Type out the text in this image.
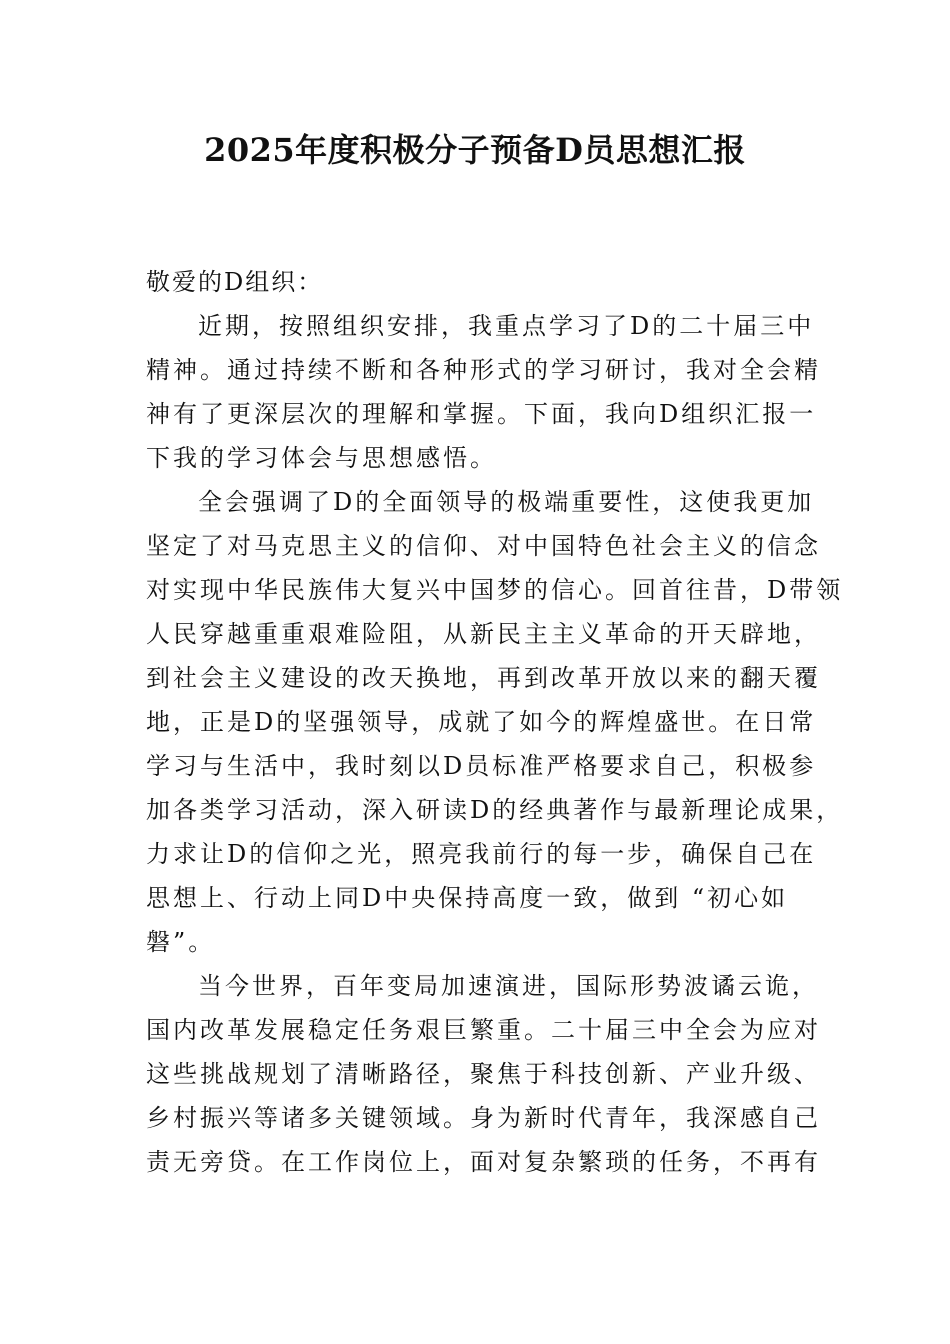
2025年度积极分子预备D员思想汇报
敬爱的D组织：
近期，按照组织安排，我重点学习了D的二十届三中
精神。通过持续不断和各种形式的学习研讨，我对全会精
神有了更深层次的理解和掌握。下面，我向D组织汇报一
下我的学习体会与思想感悟。
全会强调了D的全面领导的极端重要性，这使我更加
坚定了对马克思主义的信仰、对中国特色社会主义的信念
对实现中华民族伟大复兴中国梦的信心。回首往昔，D带领
人民穿越重重艰难险阻，从新民主主义革命的开天辟地，
到社会主义建设的改天换地，再到改革开放以来的翻天覆
地，正是D的坚强领导，成就了如今的辉煌盛世。在日常
学习与生活中，我时刻以D员标准严格要求自己，积极参
加各类学习活动，深入研读D的经典著作与最新理论成果，
力求让D的信仰之光，照亮我前行的每一步，确保自己在
思想上、行动上同D中央保持高度一致，做到 “初心如
磐”。
当今世界，百年变局加速演进，国际形势波谲云诡，
国内改革发展稳定任务艰巨繁重。二十届三中全会为应对
这些挑战规划了清晰路径，聚焦于科技创新、产业升级、
乡村振兴等诸多关键领域。身为新时代青年，我深感自己
责无旁贷。在工作岗位上，面对复杂繁琐的任务，不再有
